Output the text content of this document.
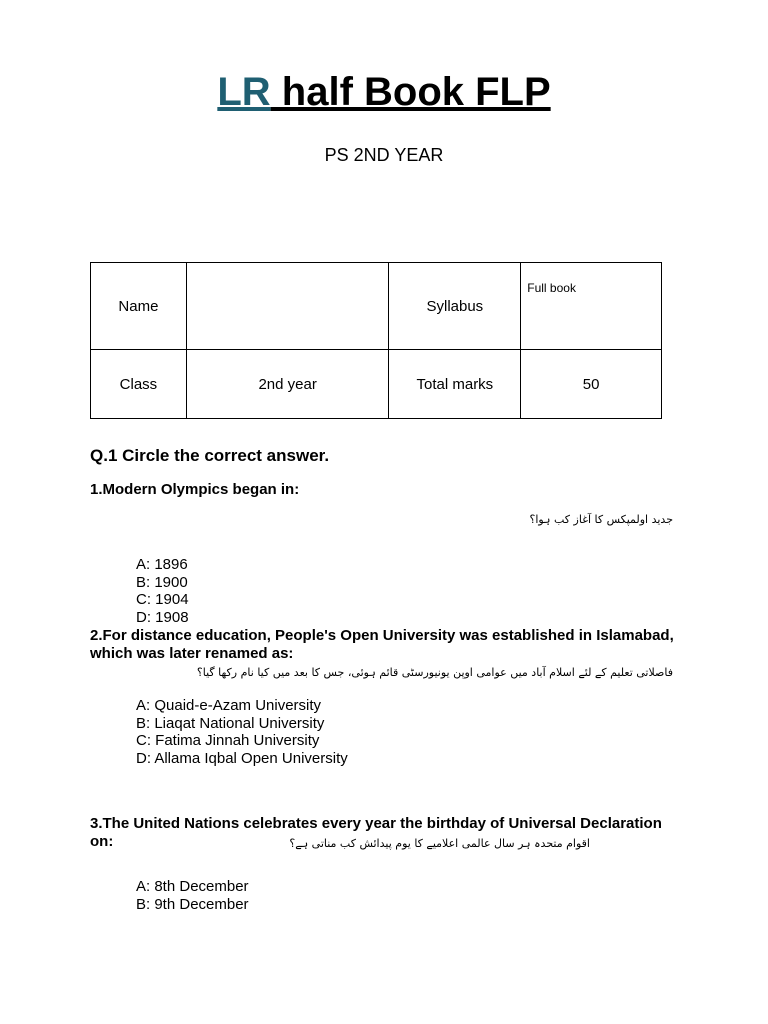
LR half Book FLP
PS 2ND YEAR
Name		Syllabus	Full book
Class	2nd year	Total marks	50
Q.1 Circle the correct answer.
1.Modern Olympics began in:
جدید اولمپکس کا آغاز کب ہوا؟
A: 1896
B: 1900
C: 1904
D: 1908
2.For distance education, People's Open University was established in Islamabad, which was later renamed as:
فاصلاتی تعلیم کے لئے اسلام آباد میں عوامی اوپن یونیورسٹی قائم ہوئی، جس کا بعد میں کیا نام رکھا گیا؟
A: Quaid-e-Azam University
B: Liaqat National University
C: Fatima Jinnah University
D: Allama Iqbal Open University
3.The United Nations celebrates every year the birthday of Universal Declaration on:	اقوام متحدہ ہر سال عالمی اعلامیے کا یوم پیدائش کب مناتی ہے؟
A: 8th December
B: 9th December
